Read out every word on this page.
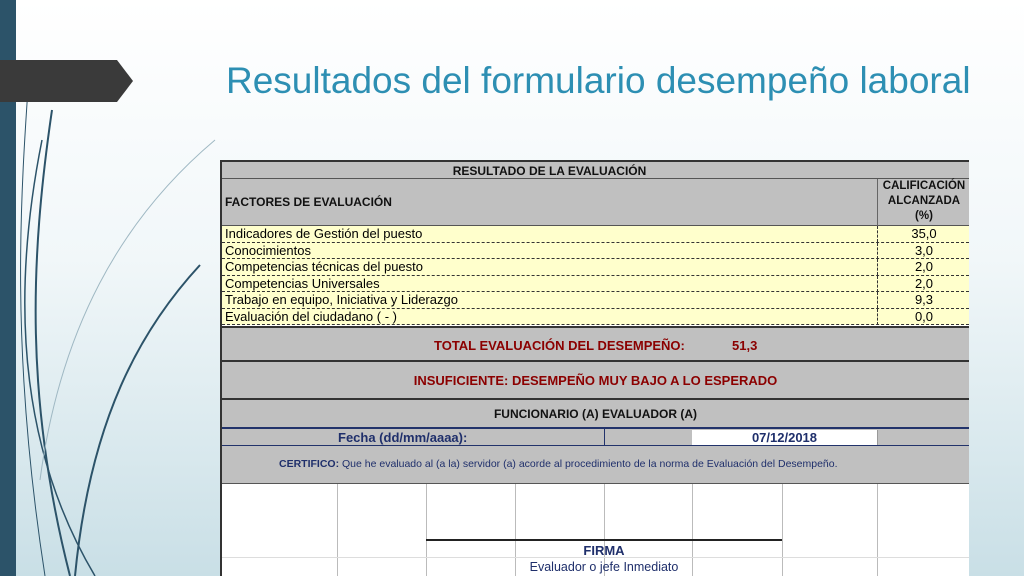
Resultados del formulario desempeño laboral
RESULTADO DE LA EVALUACIÓN
FACTORES DE EVALUACIÓN
CALIFICACIÓN
ALCANZADA
(%)
Indicadores de Gestión del puesto	35,0
Conocimientos	3,0
Competencias técnicas del puesto	2,0
Competencias Universales	2,0
Trabajo en equipo, Iniciativa y Liderazgo	9,3
Evaluación del ciudadano ( - )	0,0
TOTAL EVALUACIÓN DEL DESEMPEÑO:	51,3
INSUFICIENTE: DESEMPEÑO MUY BAJO A LO ESPERADO
FUNCIONARIO (A) EVALUADOR (A)
Fecha (dd/mm/aaaa):	07/12/2018
CERTIFICO: Que he evaluado al (a la) servidor (a) acorde al procedimiento de la norma de Evaluación del Desempeño.
FIRMA
Evaluador o jefe Inmediato
